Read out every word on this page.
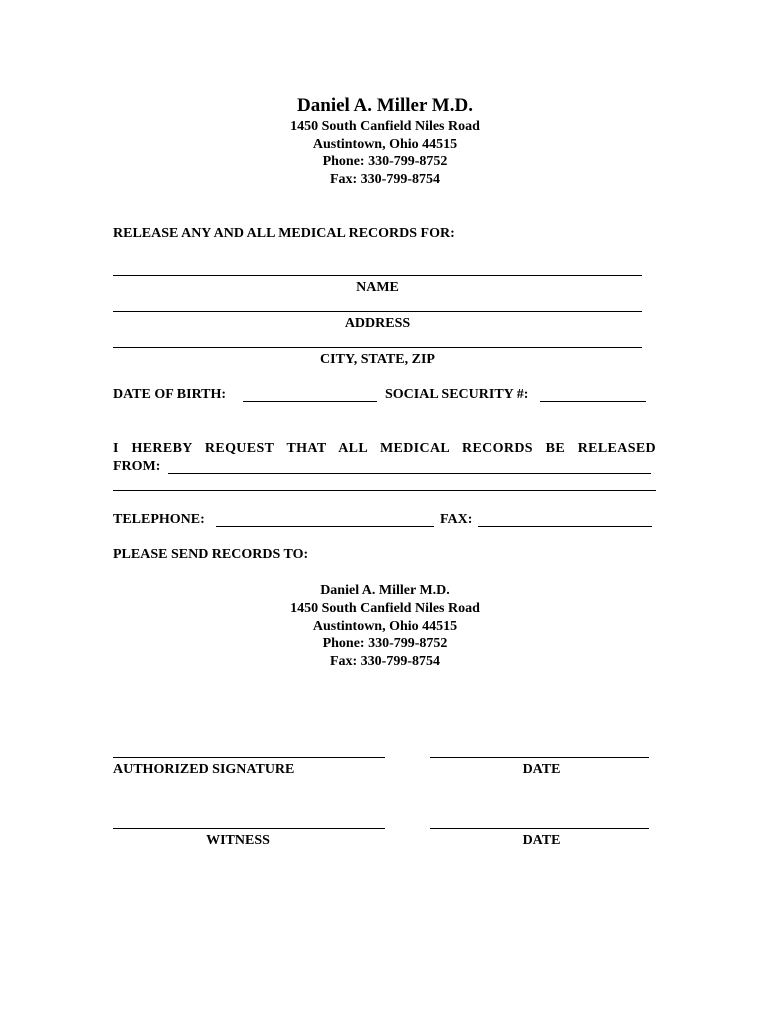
Daniel A. Miller M.D.
1450 South Canfield Niles Road
Austintown, Ohio 44515
Phone: 330-799-8752
Fax: 330-799-8754
RELEASE ANY AND ALL MEDICAL RECORDS FOR:
NAME
ADDRESS
CITY, STATE, ZIP
DATE OF BIRTH:	SOCIAL SECURITY #:
I HEREBY REQUEST THAT ALL MEDICAL RECORDS BE RELEASED
FROM:
TELEPHONE:	FAX:
PLEASE SEND RECORDS TO:
Daniel A. Miller M.D.
1450 South Canfield Niles Road
Austintown, Ohio 44515
Phone: 330-799-8752
Fax: 330-799-8754
AUTHORIZED SIGNATURE	DATE
WITNESS	DATE
